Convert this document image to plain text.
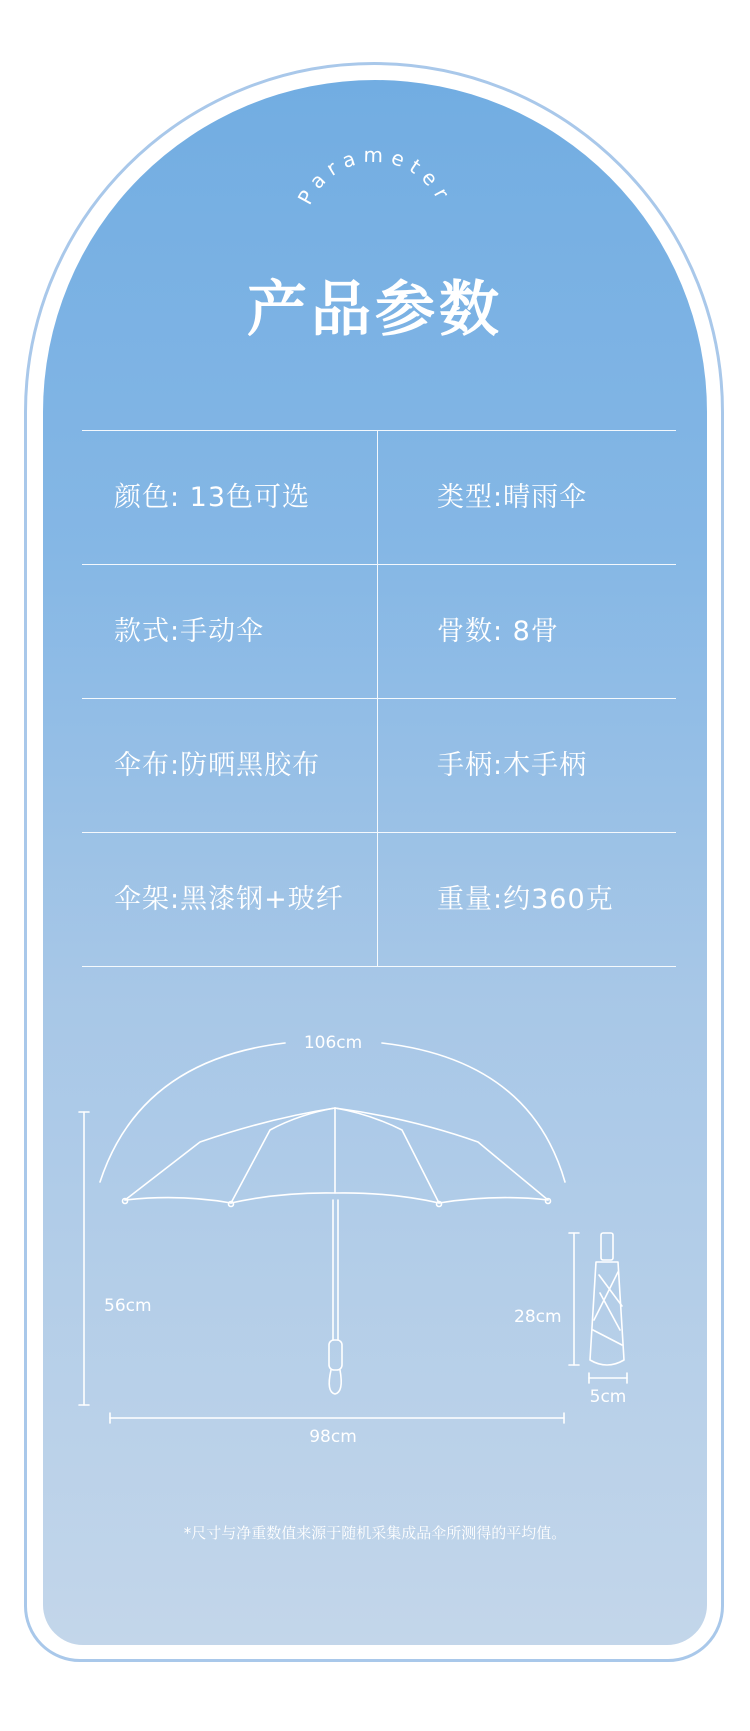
Parameter
产品参数
颜色: 13色可选	类型:晴雨伞
款式:手动伞	骨数: 8骨
伞布:防晒黑胶布	手柄:木手柄
伞架:黑漆钢+玻纤	重量:约360克
106cm
56cm
98cm
28cm
5cm
*尺寸与净重数值来源于随机采集成品伞所测得的平均值。
